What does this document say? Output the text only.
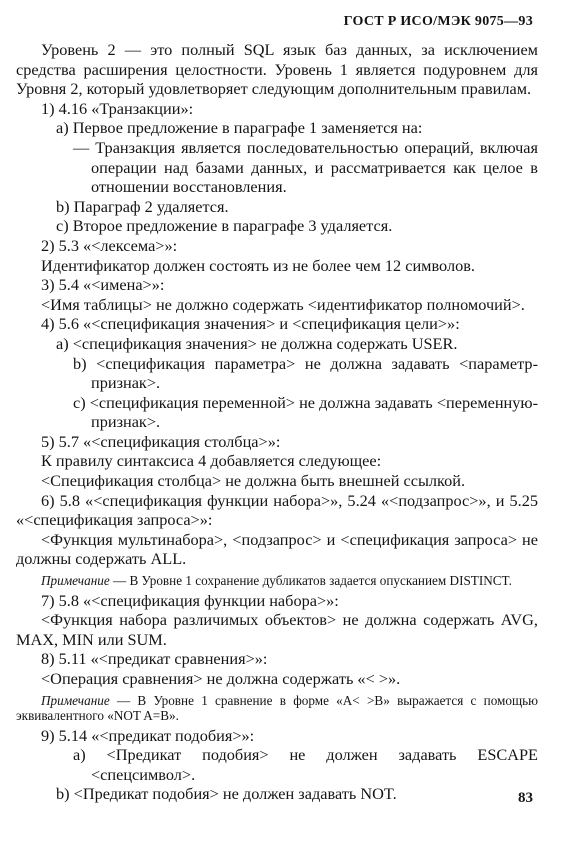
ГОСТ Р ИСО/МЭК 9075—93

Уровень 2 — это полный SQL язык баз данных, за исключением средства расширения целостности. Уровень 1 является подуровнем для Уровня 2, который удовлетворяет следующим дополнительным правилам.

1) 4.16 «Транзакции»:

a) Первое предложение в параграфе 1 заменяется на:

— Транзакция является последовательностью операций, включая операции над базами данных, и рассматривается как целое в отношении восстановления.

b) Параграф 2 удаляется.

c) Второе предложение в параграфе 3 удаляется.

2) 5.3 «<лексема>»:

Идентификатор должен состоять из не более чем 12 символов.

3) 5.4 «<имена>»:

<Имя таблицы> не должно содержать <идентификатор полномочий>.

4) 5.6 «<спецификация значения> и <спецификация цели>»:

a) <спецификация значения> не должна содержать USER.

b) <спецификация параметра> не должна задавать <параметр-признак>.

c) <спецификация переменной> не должна задавать <переменную-признак>.

5) 5.7 «<спецификация столбца>»:

К правилу синтаксиса 4 добавляется следующее:

<Спецификация столбца> не должна быть внешней ссылкой.

6) 5.8 «<спецификация функции набора>», 5.24 «<подзапрос>», и 5.25 «<спецификация запроса>»:

<Функция мультинабора>, <подзапрос> и <спецификация запроса> не должны содержать ALL.

Примечание — В Уровне 1 сохранение дубликатов задается опусканием DISTINCT.

7) 5.8 «<спецификация функции набора>»:

<Функция набора различимых объектов> не должна содержать AVG, MAX, MIN или SUM.

8) 5.11 «<предикат сравнения>»:

<Операция сравнения> не должна содержать «< >».

Примечание — В Уровне 1 сравнение в форме «A< >B» выражается с помощью эквивалентного «NOT A=B».

9) 5.14 «<предикат подобия>»:

a) <Предикат подобия> не должен задавать ESCAPE <спецсимвол>.

b) <Предикат подобия> не должен задавать NOT.	83
